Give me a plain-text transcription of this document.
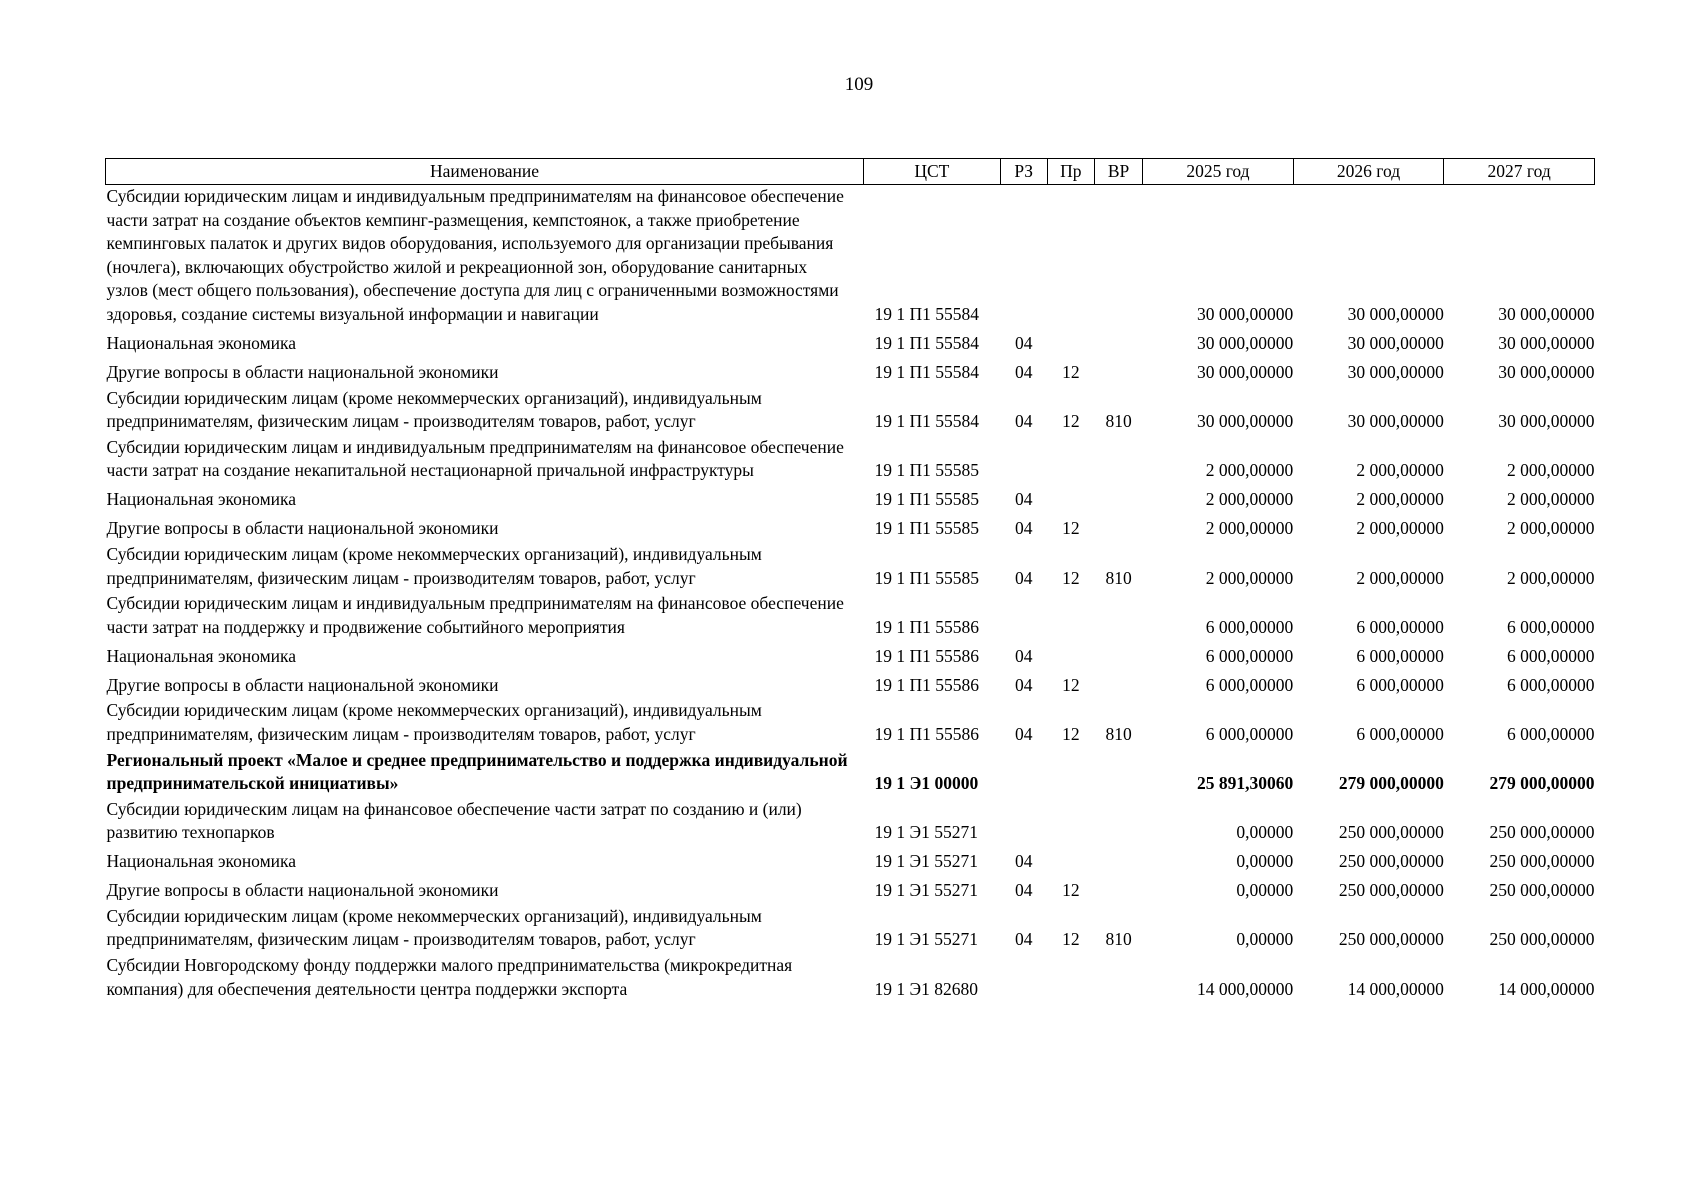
109
Наименование	ЦСТ	РЗ	Пр	ВР	2025 год	2026 год	2027 год
Субсидии юридическим лицам и индивидуальным предпринимателям на финансовое обеспечение части затрат на создание объектов кемпинг-размещения, кемпстоянок, а также приобретение кемпинговых палаток и других видов оборудования, используемого для организации пребывания (ночлега), включающих обустройство жилой и рекреационной зон, оборудование санитарных узлов (мест общего пользования), обеспечение доступа для лиц с ограниченными возможностями здоровья, создание системы визуальной информации и навигации	19 1 П1 55584				30 000,00000	30 000,00000	30 000,00000
Национальная экономика	19 1 П1 55584	04			30 000,00000	30 000,00000	30 000,00000
Другие вопросы в области национальной экономики	19 1 П1 55584	04	12		30 000,00000	30 000,00000	30 000,00000
Субсидии юридическим лицам (кроме некоммерческих организаций), индивидуальным предпринимателям, физическим лицам - производителям товаров, работ, услуг	19 1 П1 55584	04	12	810	30 000,00000	30 000,00000	30 000,00000
Субсидии юридическим лицам и индивидуальным предпринимателям на финансовое обеспечение части затрат на создание некапитальной нестационарной причальной инфраструктуры	19 1 П1 55585				2 000,00000	2 000,00000	2 000,00000
Национальная экономика	19 1 П1 55585	04			2 000,00000	2 000,00000	2 000,00000
Другие вопросы в области национальной экономики	19 1 П1 55585	04	12		2 000,00000	2 000,00000	2 000,00000
Субсидии юридическим лицам (кроме некоммерческих организаций), индивидуальным предпринимателям, физическим лицам - производителям товаров, работ, услуг	19 1 П1 55585	04	12	810	2 000,00000	2 000,00000	2 000,00000
Субсидии юридическим лицам и индивидуальным предпринимателям на финансовое обеспечение части затрат на поддержку и продвижение событийного мероприятия	19 1 П1 55586				6 000,00000	6 000,00000	6 000,00000
Национальная экономика	19 1 П1 55586	04			6 000,00000	6 000,00000	6 000,00000
Другие вопросы в области национальной экономики	19 1 П1 55586	04	12		6 000,00000	6 000,00000	6 000,00000
Субсидии юридическим лицам (кроме некоммерческих организаций), индивидуальным предпринимателям, физическим лицам - производителям товаров, работ, услуг	19 1 П1 55586	04	12	810	6 000,00000	6 000,00000	6 000,00000
Региональный проект «Малое и среднее предпринимательство и поддержка индивидуальной предпринимательской инициативы»	19 1 Э1 00000				25 891,30060	279 000,00000	279 000,00000
Субсидии юридическим лицам на финансовое обеспечение части затрат по созданию и (или) развитию технопарков	19 1 Э1 55271				0,00000	250 000,00000	250 000,00000
Национальная экономика	19 1 Э1 55271	04			0,00000	250 000,00000	250 000,00000
Другие вопросы в области национальной экономики	19 1 Э1 55271	04	12		0,00000	250 000,00000	250 000,00000
Субсидии юридическим лицам (кроме некоммерческих организаций), индивидуальным предпринимателям, физическим лицам - производителям товаров, работ, услуг	19 1 Э1 55271	04	12	810	0,00000	250 000,00000	250 000,00000
Субсидии Новгородскому фонду поддержки малого предпринимательства (микрокредитная компания) для обеспечения деятельности центра поддержки экспорта	19 1 Э1 82680				14 000,00000	14 000,00000	14 000,00000
